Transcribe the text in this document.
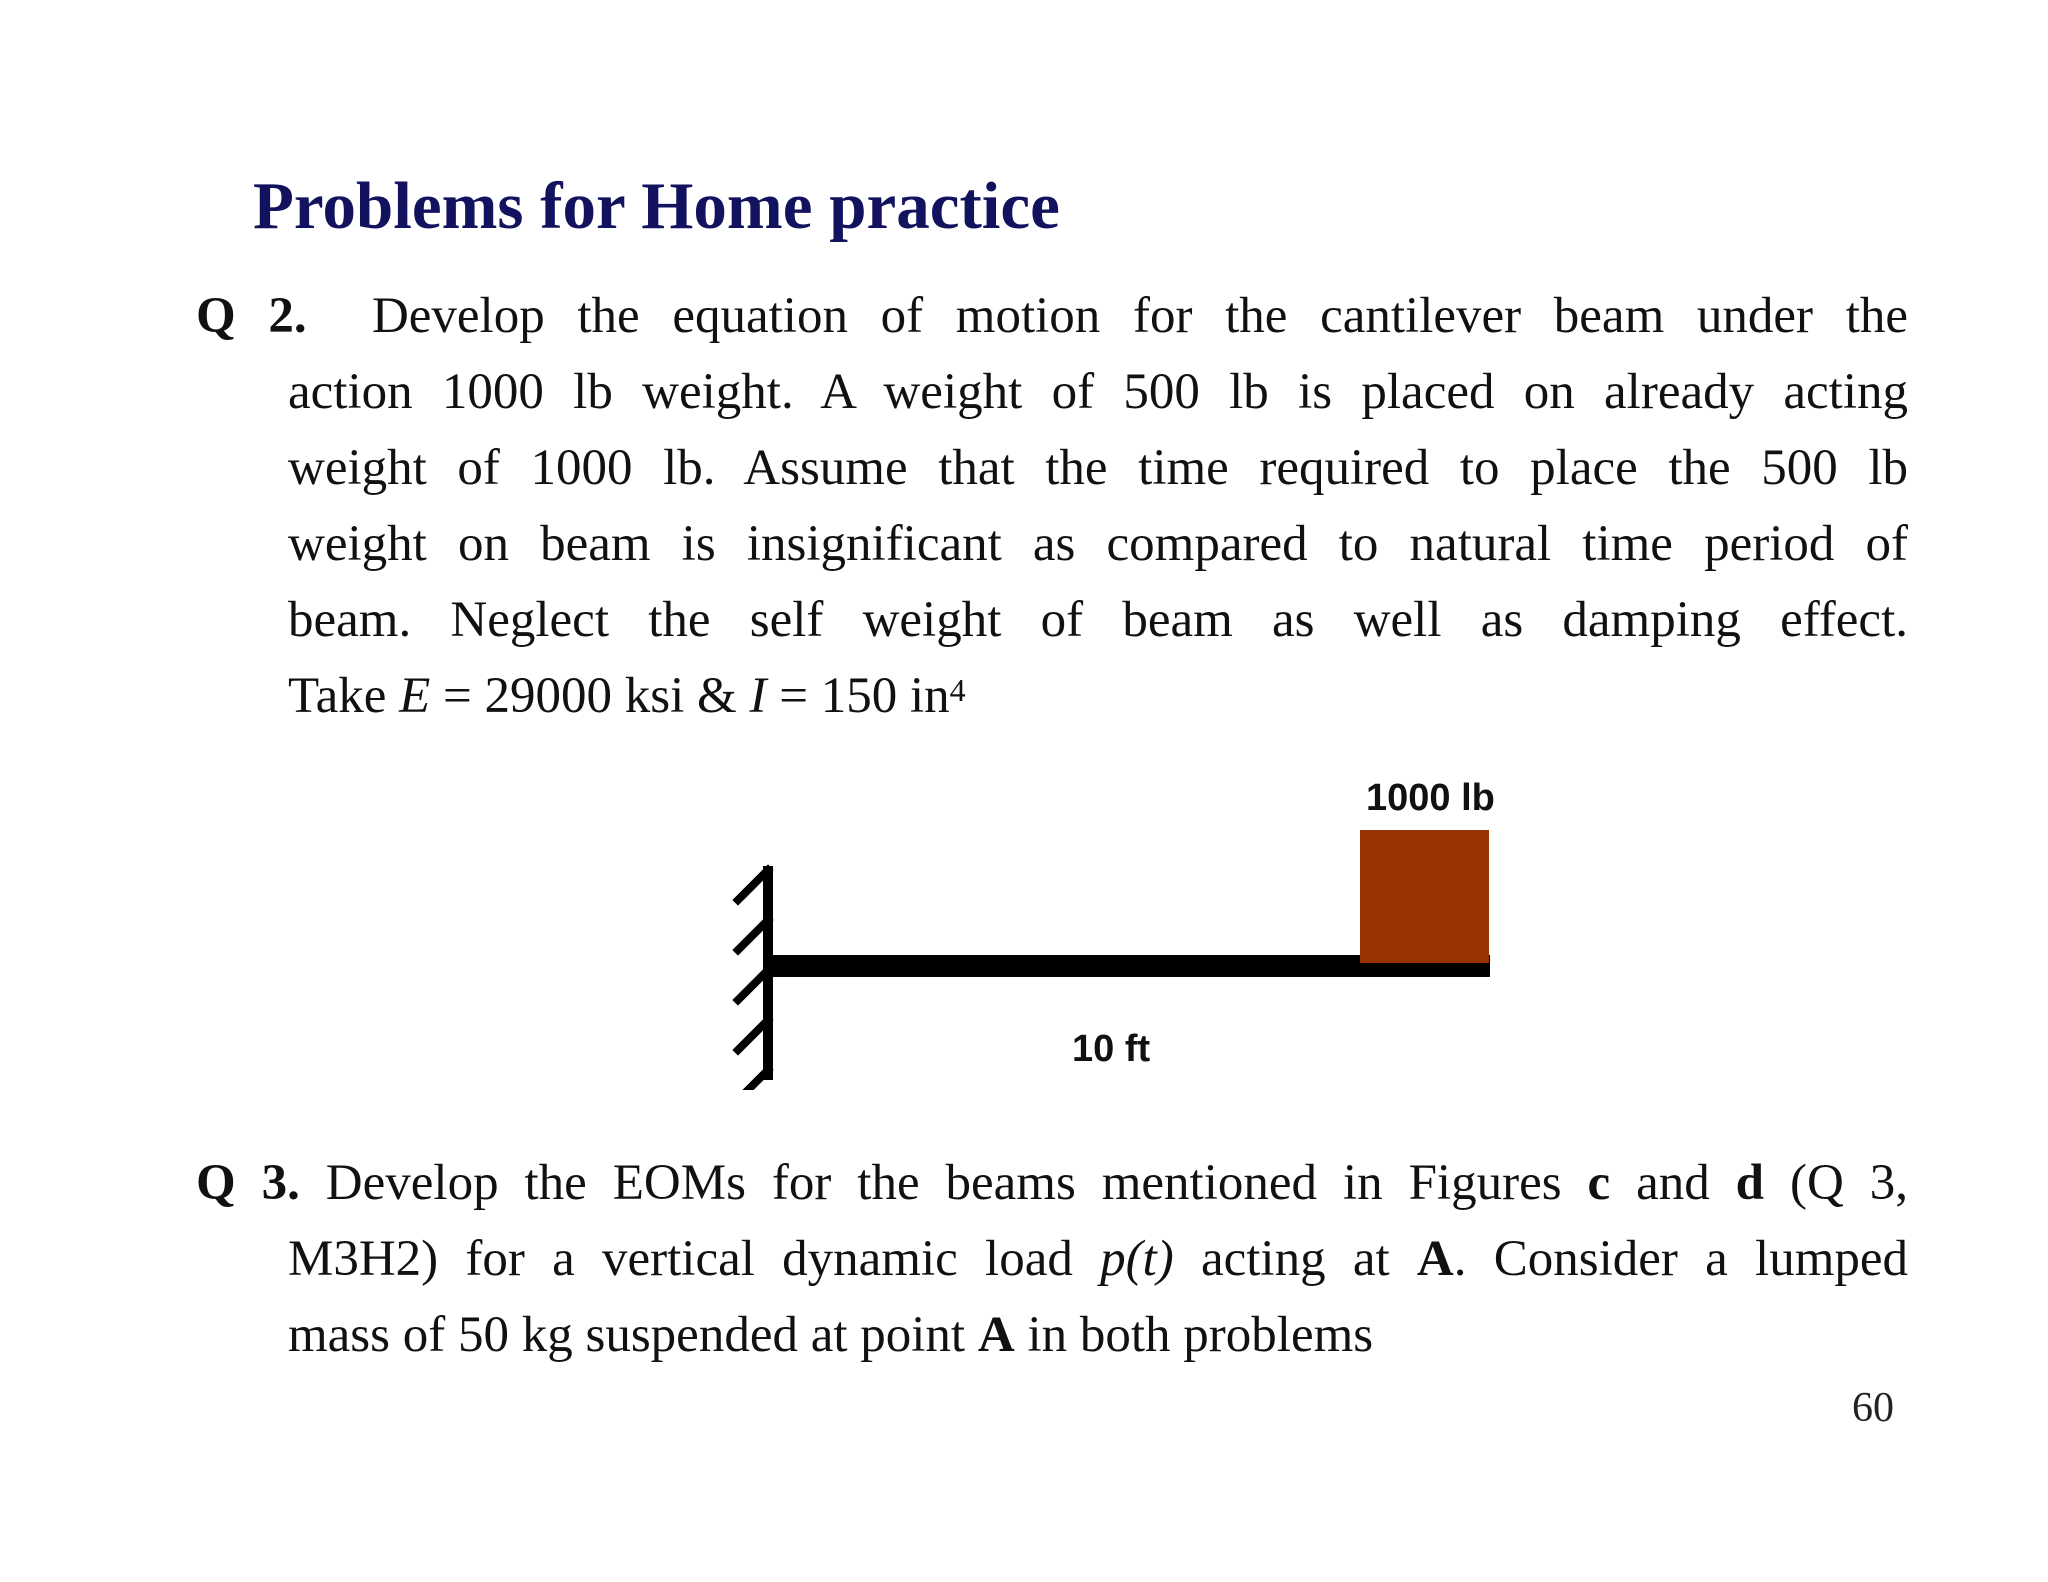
Problems for Home practice
Q 2. Develop the equation of motion for the cantilever beam under the
action 1000 lb weight. A weight of 500 lb is placed on already acting
weight of 1000 lb. Assume that the time required to place the 500 lb
weight on beam is insignificant as compared to natural time period of
beam. Neglect the self weight of beam as well as damping effect.
Take E = 29000 ksi & I = 150 $in^4$
1000 lb
10 ft
Q 3. Develop the EOMs for the beams mentioned in Figures c and d (Q 3,
M3H2) for a vertical dynamic load p(t) acting at A. Consider a lumped
mass of 50 kg suspended at point A in both problems
60
